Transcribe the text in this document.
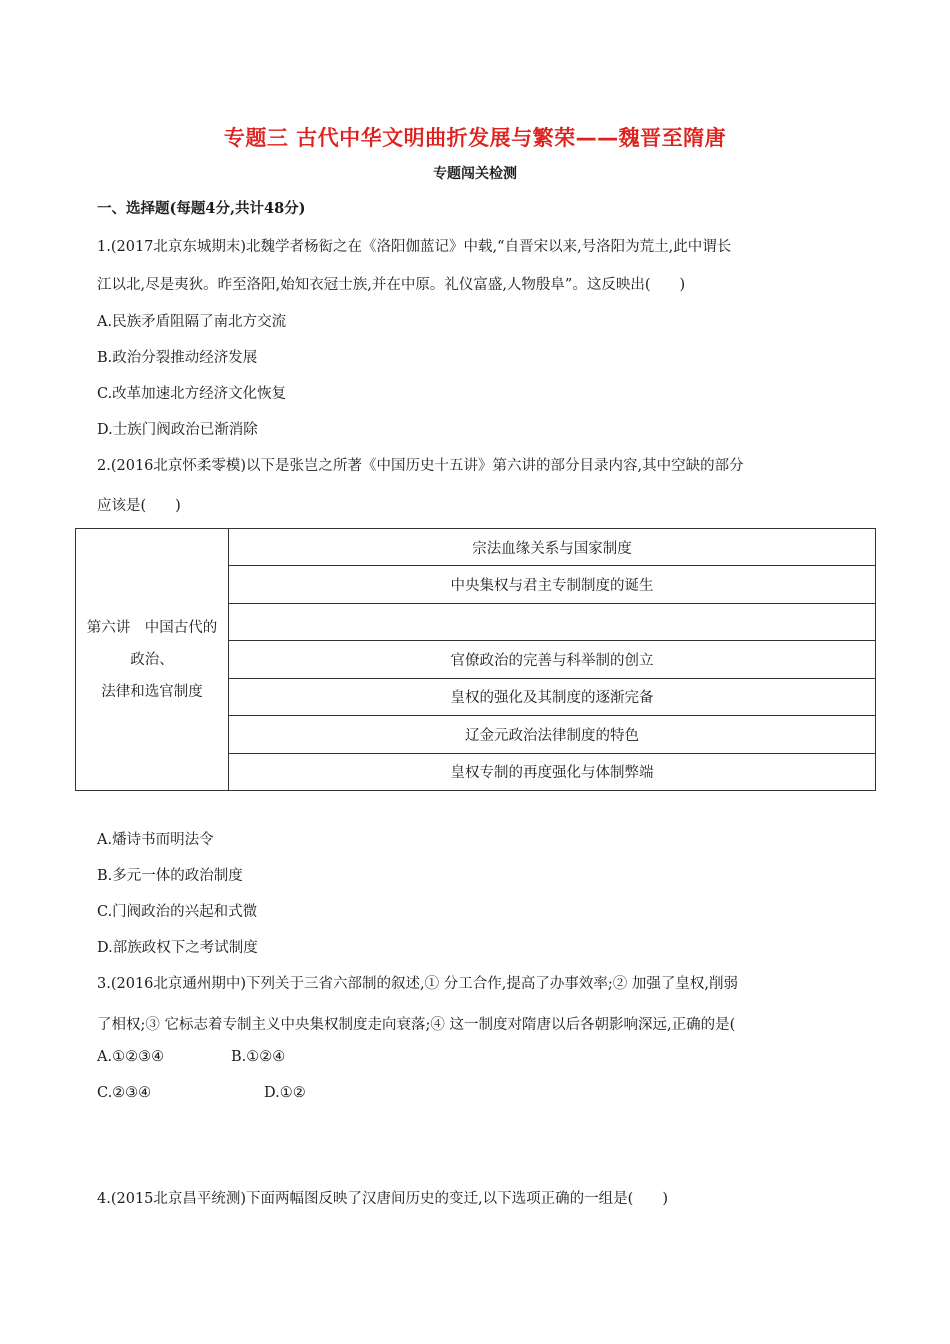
专题三 古代中华文明曲折发展与繁荣——魏晋至隋唐
专题闯关检测
一、选择题(每题4分,共计48分)
1.(2017北京东城期末)北魏学者杨衒之在《洛阳伽蓝记》中载,“自晋宋以来,号洛阳为荒土,此中谓长
江以北,尽是夷狄。昨至洛阳,始知衣冠士族,并在中原。礼仪富盛,人物殷阜”。这反映出(　　)
A.民族矛盾阻隔了南北方交流
B.政治分裂推动经济发展
C.改革加速北方经济文化恢复
D.士族门阀政治已渐消除
2.(2016北京怀柔零模)以下是张岂之所著《中国历史十五讲》第六讲的部分目录内容,其中空缺的部分
应该是(　　)
第六讲　中国古代的
政治、
法律和选官制度
	宗法血缘关系与国家制度
中央集权与君主专制制度的诞生

官僚政治的完善与科举制的创立
皇权的强化及其制度的逐渐完备
辽金元政治法律制度的特色
皇权专制的再度强化与体制弊端
A.燔诗书而明法令
B.多元一体的政治制度
C.门阀政治的兴起和式微
D.部族政权下之考试制度
3.(2016北京通州期中)下列关于三省六部制的叙述,① 分工合作,提高了办事效率;② 加强了皇权,削弱
了相权;③ 它标志着专制主义中央集权制度走向衰落;④ 这一制度对隋唐以后各朝影响深远,正确的是(
A.①②③④	B.①②④
C.②③④	D.①②
4.(2015北京昌平统测)下面两幅图反映了汉唐间历史的变迁,以下选项正确的一组是(　　)
